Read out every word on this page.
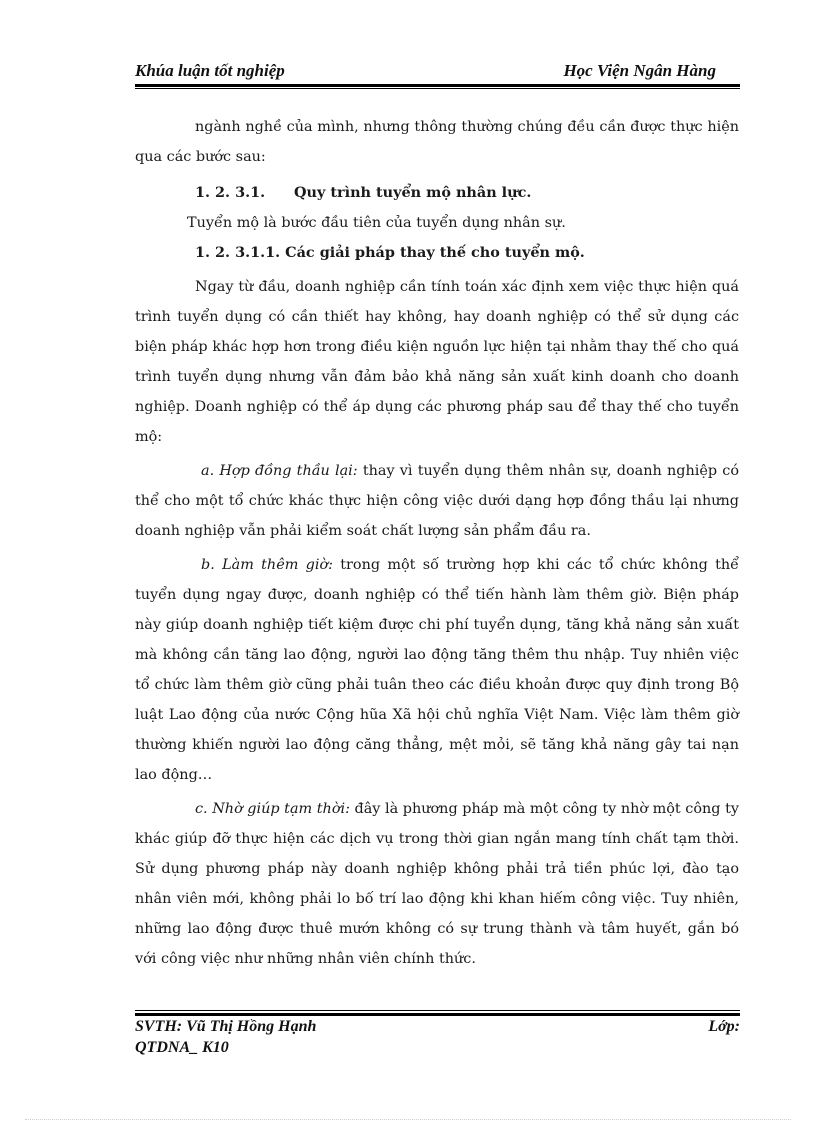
Khúa luận tốt nghiệp	Học Viện Ngân Hàng

ngành nghề của mình, nhưng thông thường chúng đều cần được thực hiện qua các bước sau:

1. 2. 3.1. Quy trình tuyển mộ nhân lực.

Tuyển mộ là bước đầu tiên của tuyển dụng nhân sự.

1. 2. 3.1.1. Các giải pháp thay thế cho tuyển mộ.

Ngay từ đầu, doanh nghiệp cần tính toán xác định xem việc thực hiện quá trình tuyển dụng có cần thiết hay không, hay doanh nghiệp có thể sử dụng các biện pháp khác hợp hơn trong điều kiện nguồn lực hiện tại nhằm thay thế cho quá trình tuyển dụng nhưng vẫn đảm bảo khả năng sản xuất kinh doanh cho doanh nghiệp. Doanh nghiệp có thể áp dụng các phương pháp sau để thay thế cho tuyển mộ:

a. Hợp đồng thầu lại: thay vì tuyển dụng thêm nhân sự, doanh nghiệp có thể cho một tổ chức khác thực hiện công việc dưới dạng hợp đồng thầu lại nhưng doanh nghiệp vẫn phải kiểm soát chất lượng sản phẩm đầu ra.

b. Làm thêm giờ: trong một số trường hợp khi các tổ chức không thể tuyển dụng ngay được, doanh nghiệp có thể tiến hành làm thêm giờ. Biện pháp này giúp doanh nghiệp tiết kiệm được chi phí tuyển dụng, tăng khả năng sản xuất mà không cần tăng lao động, người lao động tăng thêm thu nhập. Tuy nhiên việc tổ chức làm thêm giờ cũng phải tuân theo các điều khoản được quy định trong Bộ luật Lao động của nước Cộng hũa Xã hội chủ nghĩa Việt Nam. Việc làm thêm giờ thường khiến người lao động căng thẳng, mệt mỏi, sẽ tăng khả năng gây tai nạn lao động…

c. Nhờ giúp tạm thời: đây là phương pháp mà một công ty nhờ một công ty khác giúp đỡ thực hiện các dịch vụ trong thời gian ngắn mang tính chất tạm thời. Sử dụng phương pháp này doanh nghiệp không phải trả tiền phúc lợi, đào tạo nhân viên mới, không phải lo bố trí lao động khi khan hiếm công việc. Tuy nhiên, những lao động được thuê mướn không có sự trung thành và tâm huyết, gắn bó với công việc như những nhân viên chính thức.

SVTH: Vũ Thị Hồng Hạnh
QTDNA_ K10
Lớp:
